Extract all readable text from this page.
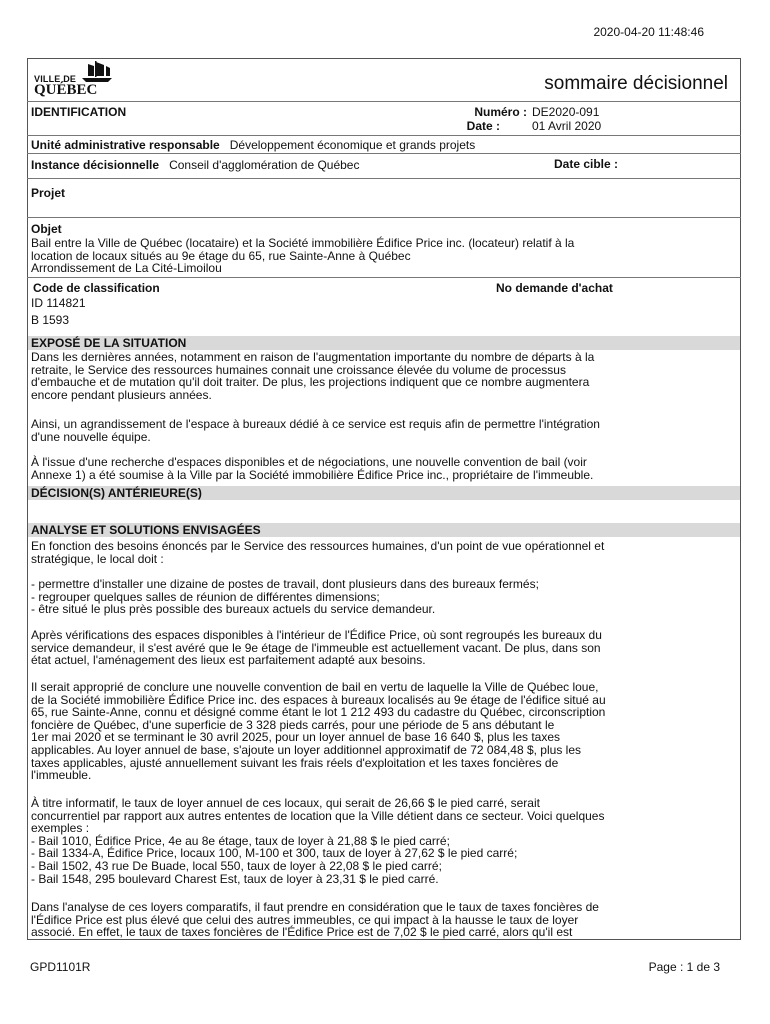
2020-04-20 11:48:46
VILLE DE
QUÉBEC	sommaire décisionnel
IDENTIFICATION	Numéro : DE2020-091
Date :	01 Avril 2020
Unité administrative responsable Développement économique et grands projets
Instance décisionnelle Conseil d'agglomération de Québec	Date cible :
Projet
Objet

Bail entre la Ville de Québec (locataire) et la Société immobilière Édifice Price inc. (locateur) relatif à la

location de locaux situés au 9e étage du 65, rue Sainte-Anne à Québec

Arrondissement de La Cité-Limoilou

Code de classification	No demande d'achat
ID 114821
B 1593
EXPOSÉ DE LA SITUATION

Dans les dernières années, notamment en raison de l'augmentation importante du nombre de départs à la

retraite, le Service des ressources humaines connait une croissance élevée du volume de processus

d'embauche et de mutation qu'il doit traiter. De plus, les projections indiquent que ce nombre augmentera

encore pendant plusieurs années.

Ainsi, un agrandissement de l'espace à bureaux dédié à ce service est requis afin de permettre l'intégration

d'une nouvelle équipe.

À l'issue d'une recherche d'espaces disponibles et de négociations, une nouvelle convention de bail (voir

Annexe 1) a été soumise à la Ville par la Société immobilière Édifice Price inc., propriétaire de l'immeuble.

DÉCISION(S) ANTÉRIEURE(S)
ANALYSE ET SOLUTIONS ENVISAGÉES

En fonction des besoins énoncés par le Service des ressources humaines, d'un point de vue opérationnel et

stratégique, le local doit :

- permettre d'installer une dizaine de postes de travail, dont plusieurs dans des bureaux fermés;

- regrouper quelques salles de réunion de différentes dimensions;

- être situé le plus près possible des bureaux actuels du service demandeur.

Après vérifications des espaces disponibles à l'intérieur de l'Édifice Price, où sont regroupés les bureaux du

service demandeur, il s'est avéré que le 9e étage de l'immeuble est actuellement vacant. De plus, dans son

état actuel, l'aménagement des lieux est parfaitement adapté aux besoins.

Il serait approprié de conclure une nouvelle convention de bail en vertu de laquelle la Ville de Québec loue,

de la Société immobilière Édifice Price inc. des espaces à bureaux localisés au 9e étage de l'édifice situé au

65, rue Sainte-Anne, connu et désigné comme étant le lot 1 212 493 du cadastre du Québec, circonscription

foncière de Québec, d'une superficie de 3 328 pieds carrés, pour une période de 5 ans débutant le

1er mai 2020 et se terminant le 30 avril 2025, pour un loyer annuel de base 16 640 $, plus les taxes

applicables. Au loyer annuel de base, s'ajoute un loyer additionnel approximatif de 72 084,48 $, plus les

taxes applicables, ajusté annuellement suivant les frais réels d'exploitation et les taxes foncières de

l'immeuble.

À titre informatif, le taux de loyer annuel de ces locaux, qui serait de 26,66 $ le pied carré, serait

concurrentiel par rapport aux autres ententes de location que la Ville détient dans ce secteur. Voici quelques

exemples :

- Bail 1010, Édifice Price, 4e au 8e étage, taux de loyer à 21,88 $ le pied carré;

- Bail 1334-A, Édifice Price, locaux 100, M-100 et 300, taux de loyer à 27,62 $ le pied carré;

- Bail 1502, 43 rue De Buade, local 550, taux de loyer à 22,08 $ le pied carré;

- Bail 1548, 295 boulevard Charest Est, taux de loyer à 23,31 $ le pied carré.

Dans l'analyse de ces loyers comparatifs, il faut prendre en considération que le taux de taxes foncières de

l'Édifice Price est plus élevé que celui des autres immeubles, ce qui impact à la hausse le taux de loyer

associé. En effet, le taux de taxes foncières de l'Édifice Price est de 7,02 $ le pied carré, alors qu'il est

GPD1101R	Page : 1 de 3
